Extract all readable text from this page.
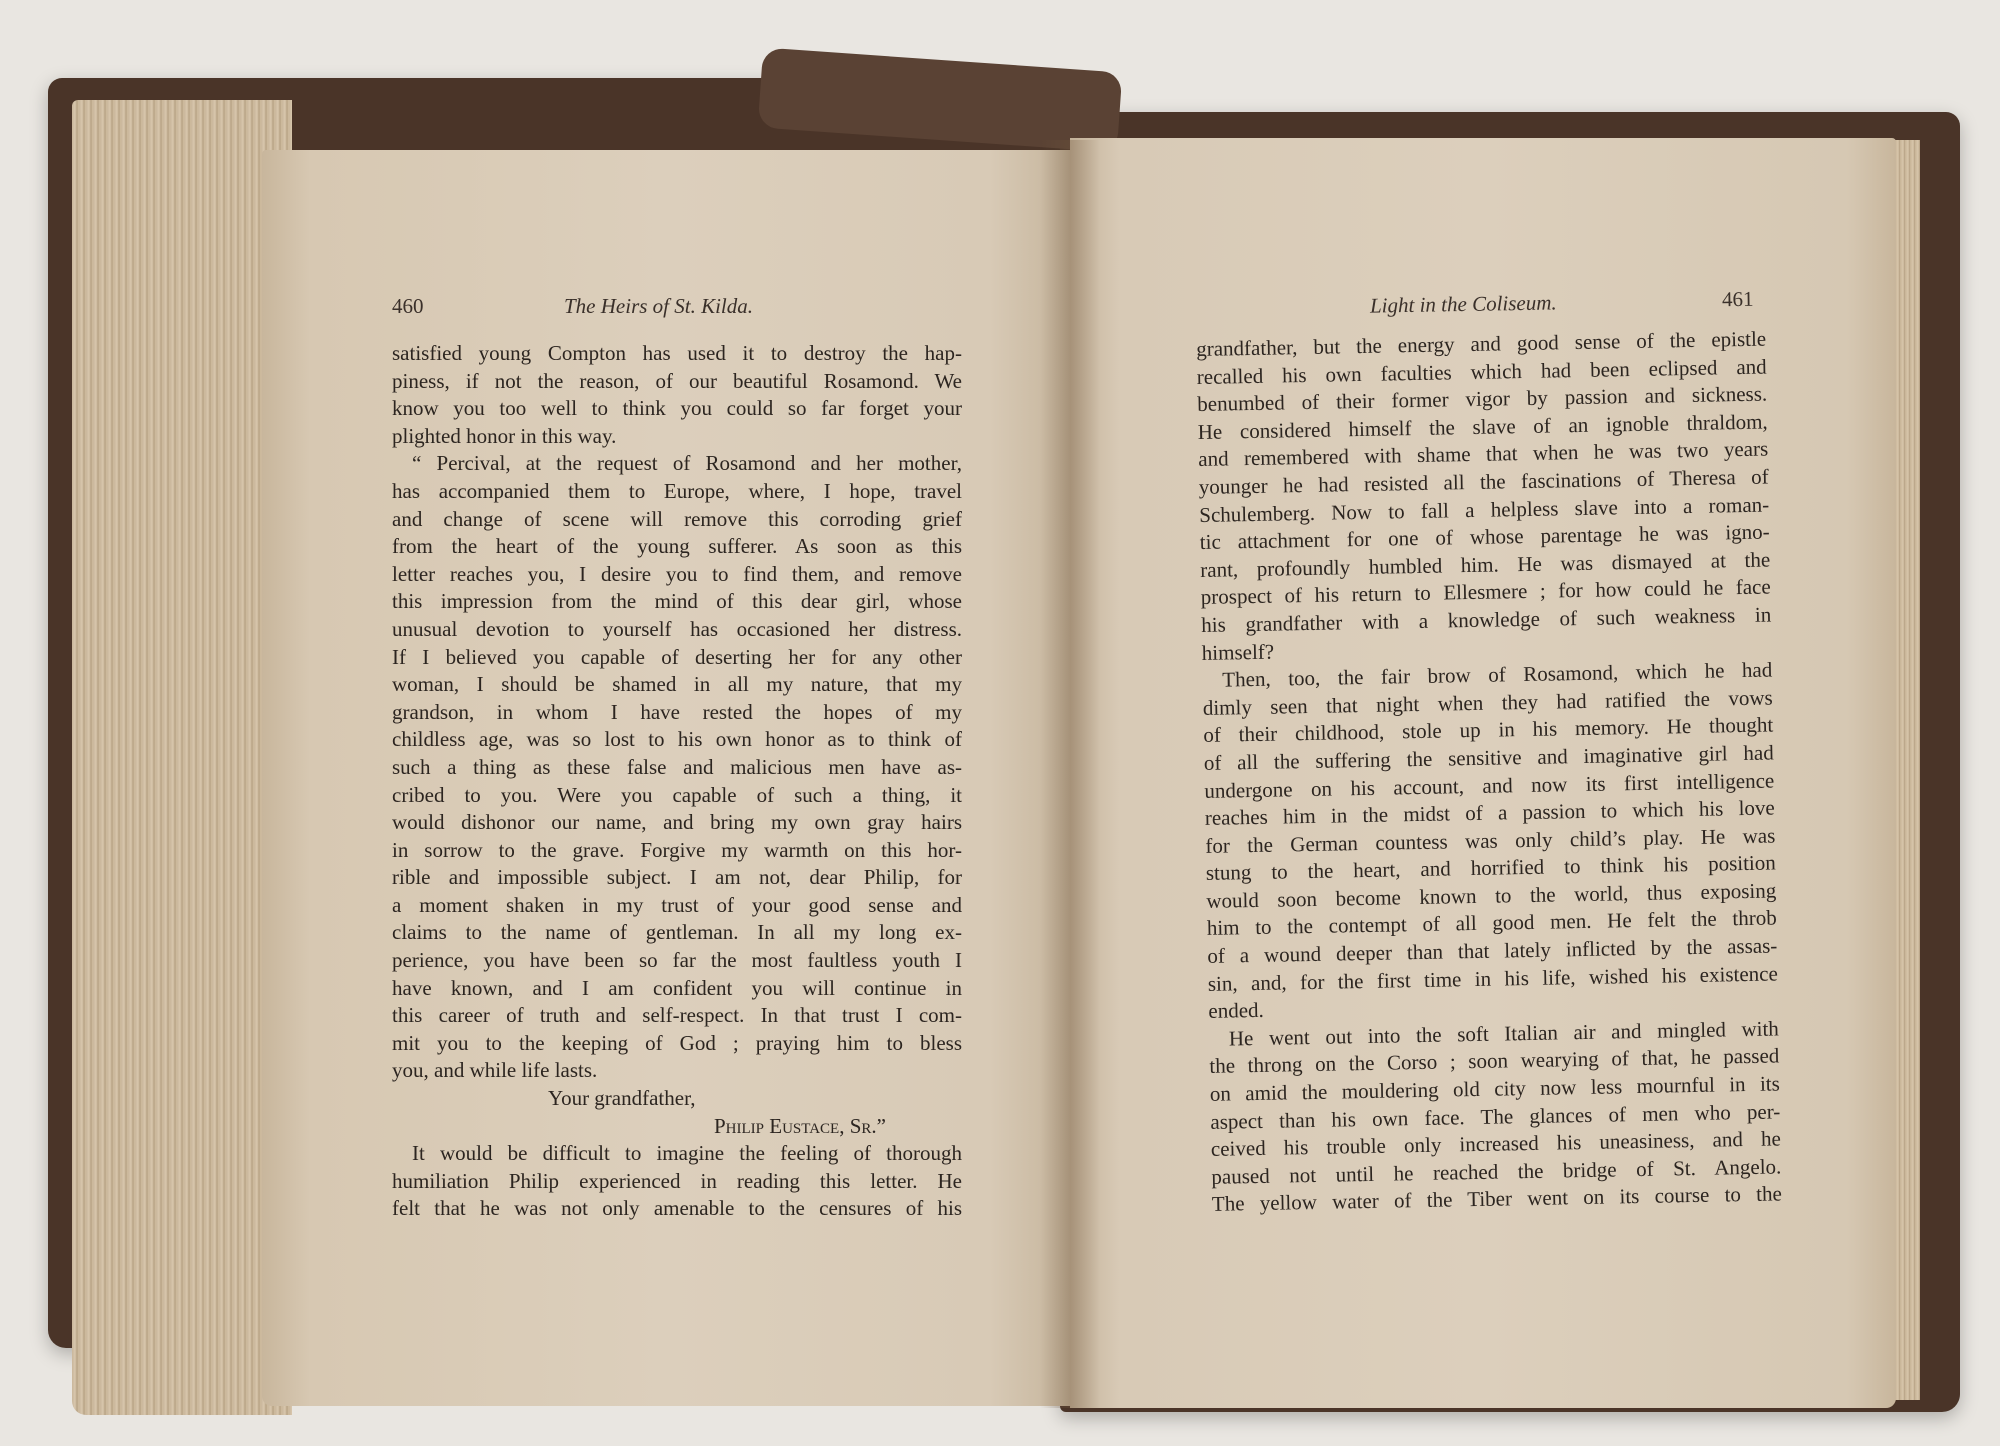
460	The Heirs of St. Kilda.	Light in the Coliseum.	461
satisfied young Compton has used it to destroy the hap-
piness, if not the reason, of our beautiful Rosamond. We
know you too well to think you could so far forget your
plighted honor in this way.
“ Percival, at the request of Rosamond and her mother,
has accompanied them to Europe, where, I hope, travel
and change of scene will remove this corroding grief
from the heart of the young sufferer. As soon as this
letter reaches you, I desire you to find them, and remove
this impression from the mind of this dear girl, whose
unusual devotion to yourself has occasioned her distress.
If I believed you capable of deserting her for any other
woman, I should be shamed in all my nature, that my
grandson, in whom I have rested the hopes of my
childless age, was so lost to his own honor as to think of
such a thing as these false and malicious men have as-
cribed to you. Were you capable of such a thing, it
would dishonor our name, and bring my own gray hairs
in sorrow to the grave. Forgive my warmth on this hor-
rible and impossible subject. I am not, dear Philip, for
a moment shaken in my trust of your good sense and
claims to the name of gentleman. In all my long ex-
perience, you have been so far the most faultless youth I
have known, and I am confident you will continue in
this career of truth and self-respect. In that trust I com-
mit you to the keeping of God ; praying him to bless
you, and while life lasts.
Your grandfather,
Philip Eustace, Sr.”
It would be difficult to imagine the feeling of thorough
humiliation Philip experienced in reading this letter. He
felt that he was not only amenable to the censures of his
grandfather, but the energy and good sense of the epistle
recalled his own faculties which had been eclipsed and
benumbed of their former vigor by passion and sickness.
He considered himself the slave of an ignoble thraldom,
and remembered with shame that when he was two years
younger he had resisted all the fascinations of Theresa of
Schulemberg. Now to fall a helpless slave into a roman-
tic attachment for one of whose parentage he was igno-
rant, profoundly humbled him. He was dismayed at the
prospect of his return to Ellesmere ; for how could he face
his grandfather with a knowledge of such weakness in
himself?
Then, too, the fair brow of Rosamond, which he had
dimly seen that night when they had ratified the vows
of their childhood, stole up in his memory. He thought
of all the suffering the sensitive and imaginative girl had
undergone on his account, and now its first intelligence
reaches him in the midst of a passion to which his love
for the German countess was only child’s play. He was
stung to the heart, and horrified to think his position
would soon become known to the world, thus exposing
him to the contempt of all good men. He felt the throb
of a wound deeper than that lately inflicted by the assas-
sin, and, for the first time in his life, wished his existence
ended.
He went out into the soft Italian air and mingled with
the throng on the Corso ; soon wearying of that, he passed
on amid the mouldering old city now less mournful in its
aspect than his own face. The glances of men who per-
ceived his trouble only increased his uneasiness, and he
paused not until he reached the bridge of St. Angelo.
The yellow water of the Tiber went on its course to the
